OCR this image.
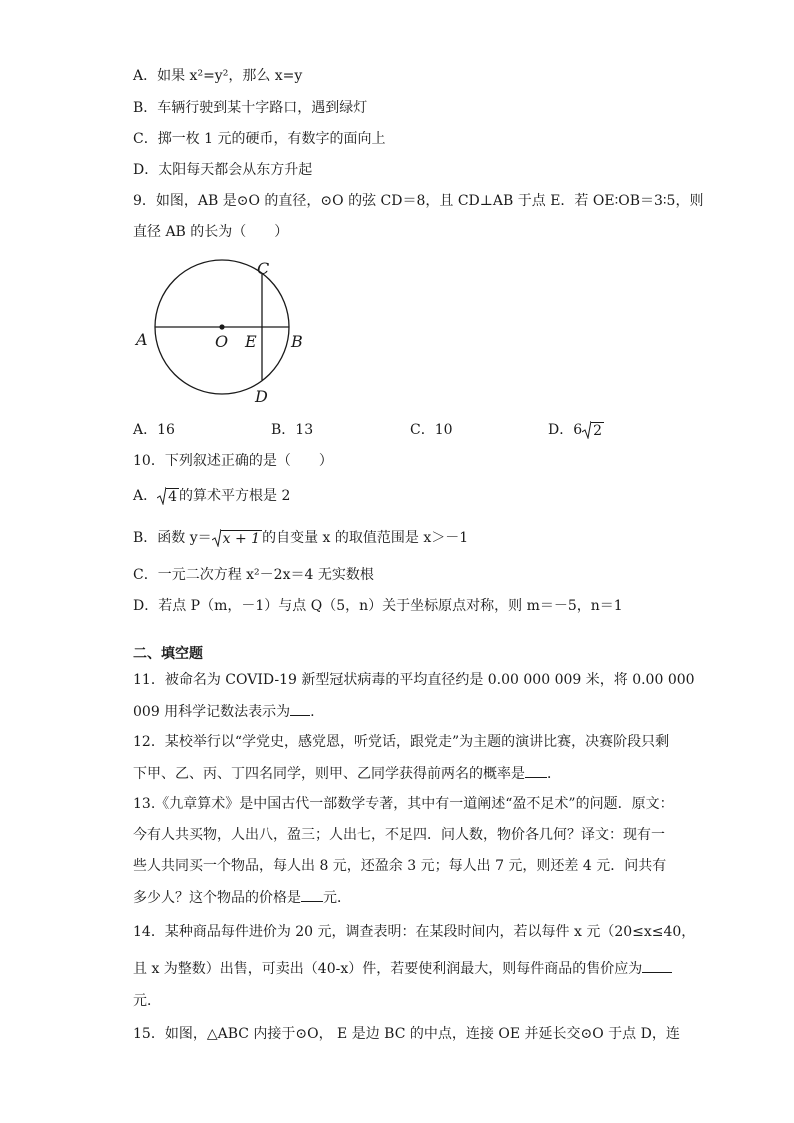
A．如果 x²=y²，那么 x=y
B．车辆行驶到某十字路口，遇到绿灯
C．掷一枚 1 元的硬币，有数字的面向上
D．太阳每天都会从东方升起
9．如图，AB 是⊙O 的直径，⊙O 的弦 CD＝8，且 CD⊥AB 于点 E．若 OE∶OB＝3∶5，则
直径 AB 的长为（　　）
A	O E B
C
D
A．16	B．13	C．10	D．6 2
10．下列叙述正确的是（　　）
A． 4 的算术平方根是 2
B．函数 y＝ x + 1 的自变量 x 的取值范围是 x＞－1
C．一元二次方程 x²－2x＝4 无实数根
D．若点 P（m，－1）与点 Q（5，n）关于坐标原点对称，则 m＝－5，n＝1
二、填空题
11．被命名为 COVID-19 新型冠状病毒的平均直径约是 0.00 000 009 米，将 0.00 000
009 用科学记数法表示为 .
12．某校举行以“学党史，感党恩，听党话，跟党走”为主题的演讲比赛，决赛阶段只剩
下甲、乙、丙、丁四名同学，则甲、乙同学获得前两名的概率是 ．
13.《九章算术》是中国古代一部数学专著，其中有一道阐述“盈不足术”的问题．原文：
今有人共买物，人出八，盈三；人出七，不足四．问人数，物价各几何？译文：现有一
些人共同买一个物品，每人出 8 元，还盈余 3 元；每人出 7 元，则还差 4 元．问共有
多少人？这个物品的价格是 元．
14．某种商品每件进价为 20 元，调查表明：在某段时间内，若以每件 x 元（20≤x≤40，
且 x 为整数）出售，可卖出（40-x）件，若要使利润最大，则每件商品的售价应为
元．
15．如图，△ABC 内接于⊙O， E 是边 BC 的中点，连接 OE 并延长交⊙O 于点 D，连
